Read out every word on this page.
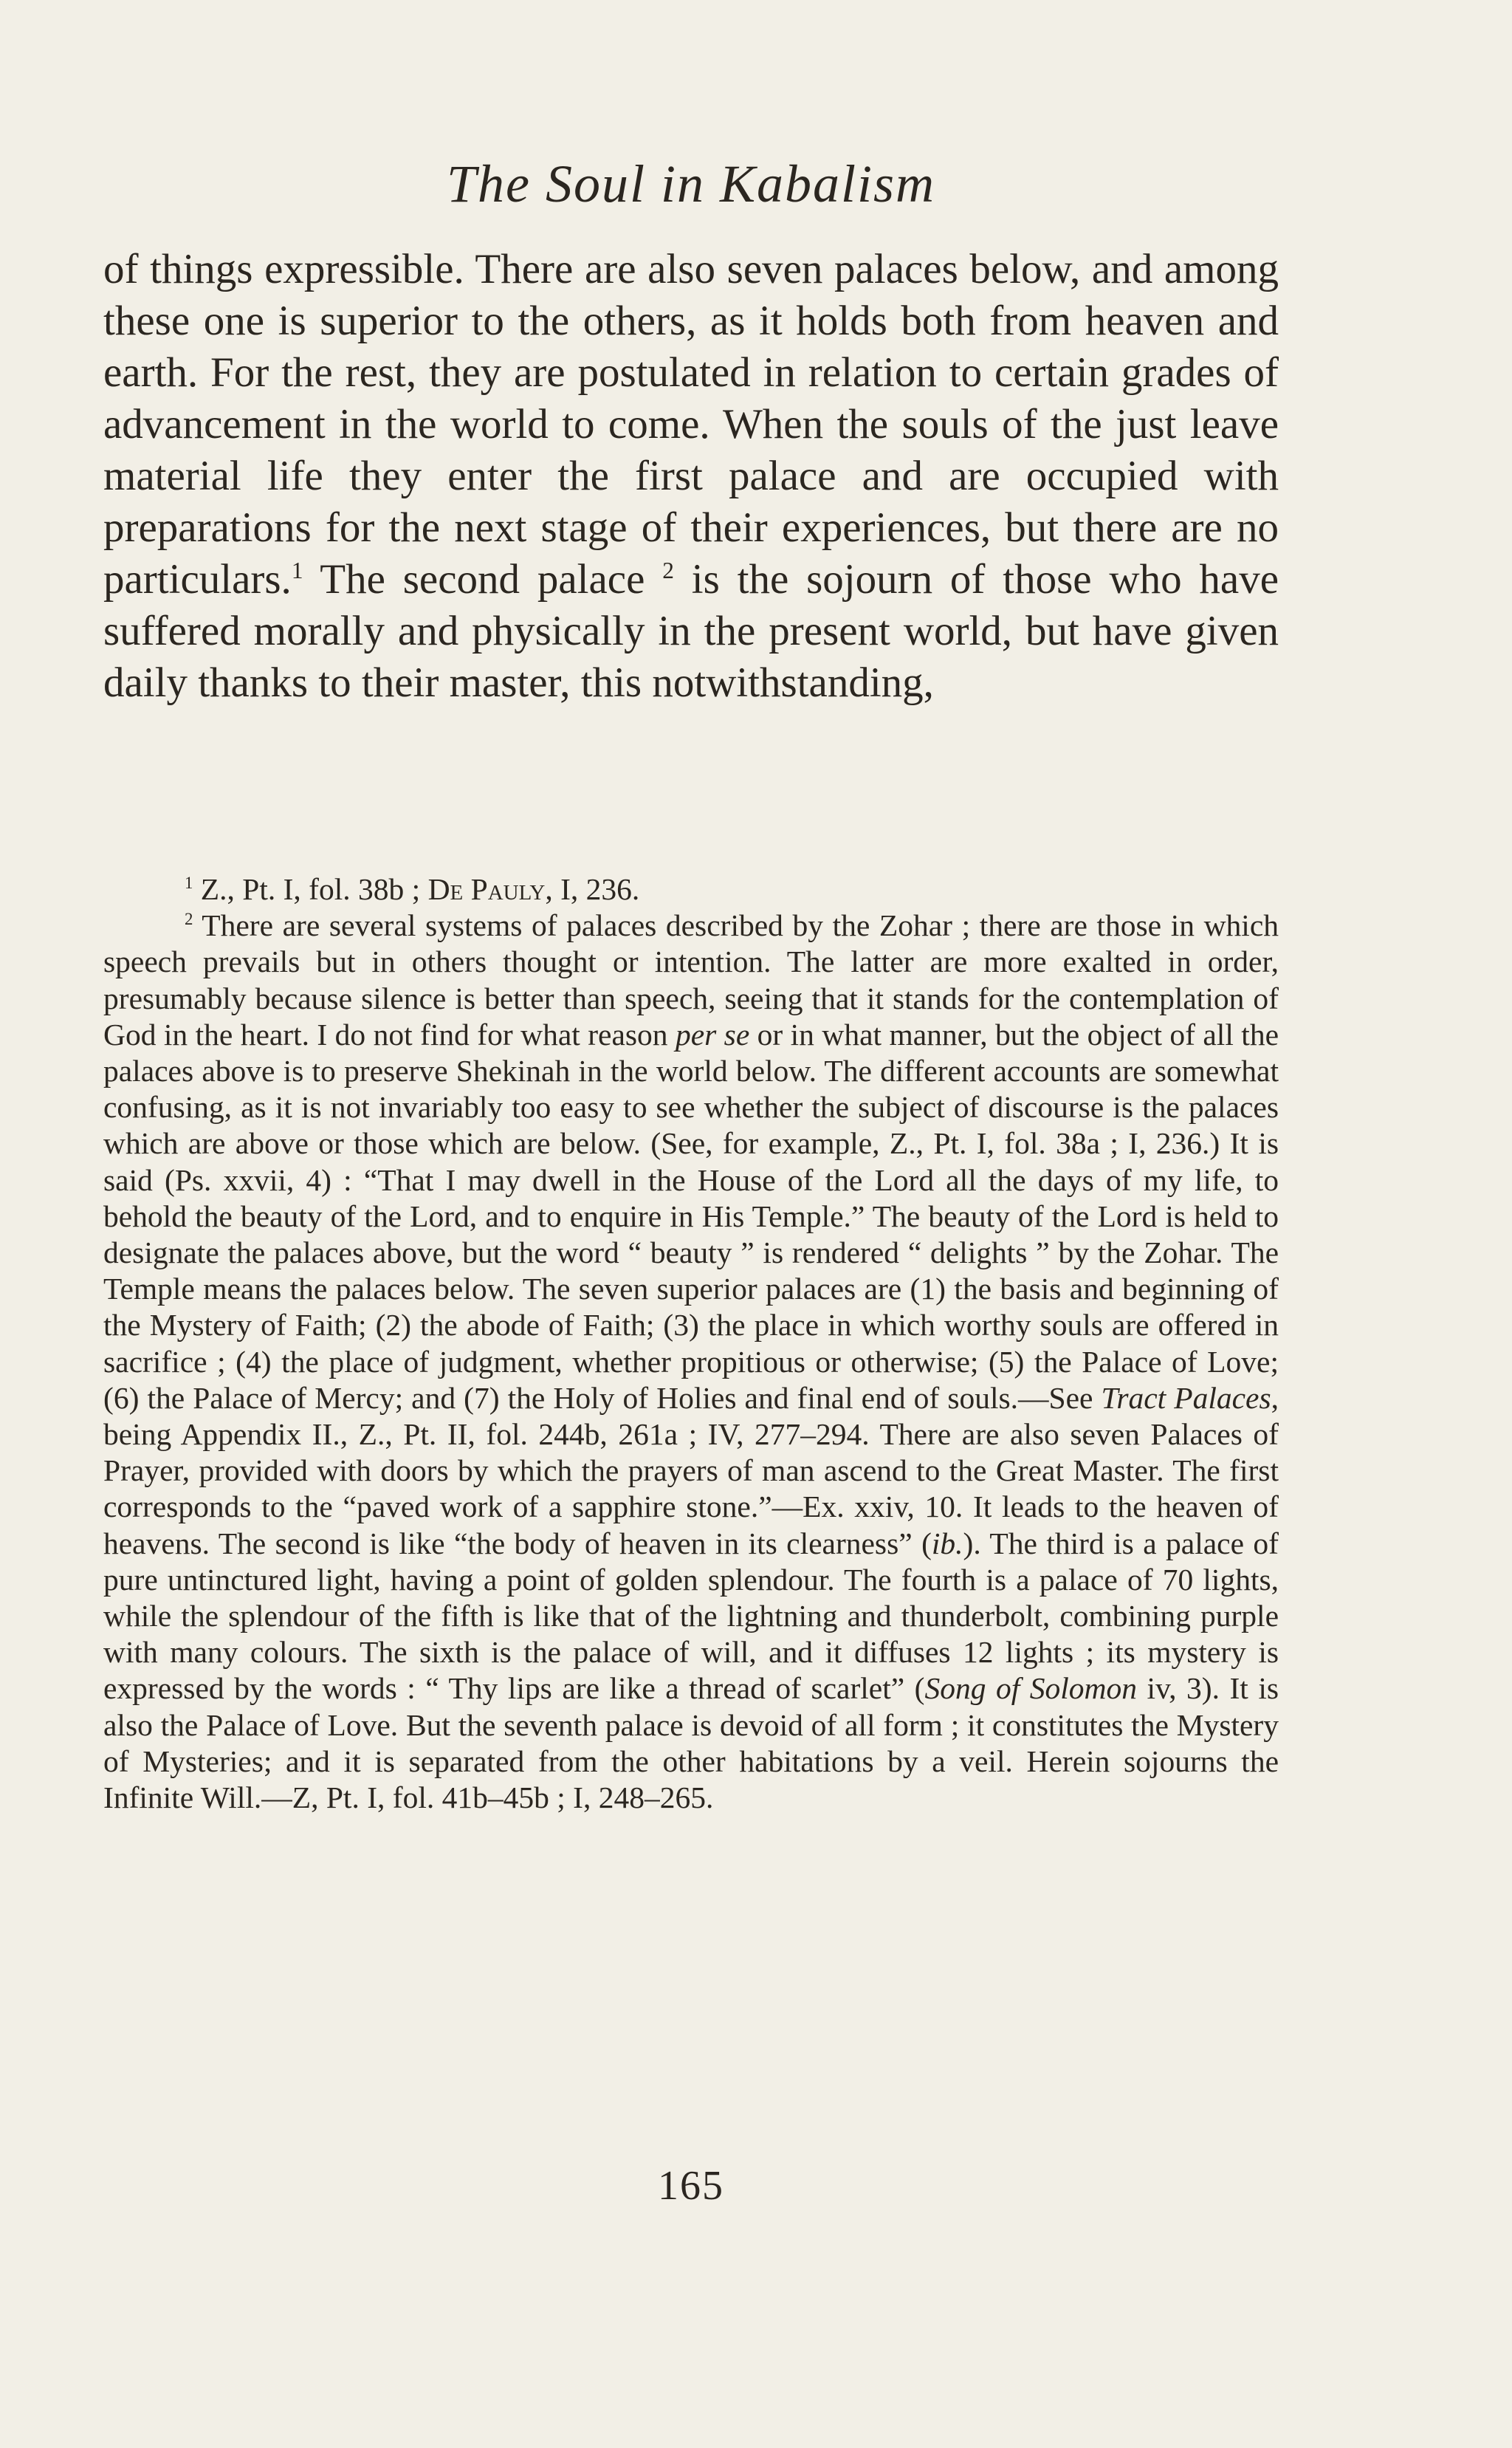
The Soul in Kabalism
of things expressible. There are also seven palaces below, and among these one is superior to the others, as it holds both from heaven and earth. For the rest, they are postulated in relation to certain grades of advancement in the world to come. When the souls of the just leave material life they enter the first palace and are occupied with preparations for the next stage of their experiences, but there are no particulars.$^1$ The second palace $^2$ is the sojourn of those who have suffered morally and physically in the present world, but have given daily thanks to their master, this notwithstanding,

$^1$ Z., Pt. I, fol. 38b ; De Pauly, I, 236.

$^2$ There are several systems of palaces described by the Zohar ; there are those in which speech prevails but in others thought or intention. The latter are more exalted in order, presumably because silence is better than speech, seeing that it stands for the contemplation of God in the heart. I do not find for what reason per se or in what manner, but the object of all the palaces above is to preserve Shekinah in the world below. The different accounts are somewhat confusing, as it is not invariably too easy to see whether the subject of discourse is the palaces which are above or those which are below. (See, for example, Z., Pt. I, fol. 38a ; I, 236.) It is said (Ps. xxvii, 4) : “That I may dwell in the House of the Lord all the days of my life, to behold the beauty of the Lord, and to enquire in His Temple.” The beauty of the Lord is held to designate the palaces above, but the word “ beauty ” is rendered “ delights ” by the Zohar. The Temple means the palaces below. The seven superior palaces are (1) the basis and beginning of the Mystery of Faith; (2) the abode of Faith; (3) the place in which worthy souls are offered in sacrifice ; (4) the place of judgment, whether propitious or otherwise; (5) the Palace of Love; (6) the Palace of Mercy; and (7) the Holy of Holies and final end of souls.—See Tract Palaces, being Appendix II., Z., Pt. II, fol. 244b, 261a ; IV, 277–294. There are also seven Palaces of Prayer, provided with doors by which the prayers of man ascend to the Great Master. The first corresponds to the “paved work of a sapphire stone.”—Ex. xxiv, 10. It leads to the heaven of heavens. The second is like “the body of heaven in its clearness” (ib.). The third is a palace of pure untinctured light, having a point of golden splendour. The fourth is a palace of 70 lights, while the splendour of the fifth is like that of the lightning and thunderbolt, combining purple with many colours. The sixth is the palace of will, and it diffuses 12 lights ; its mystery is expressed by the words : “ Thy lips are like a thread of scarlet” (Song of Solomon iv, 3). It is also the Palace of Love. But the seventh palace is devoid of all form ; it constitutes the Mystery of Mysteries; and it is separated from the other habitations by a veil. Herein sojourns the Infinite Will.—Z, Pt. I, fol. 41b–45b ; I, 248–265.

165
